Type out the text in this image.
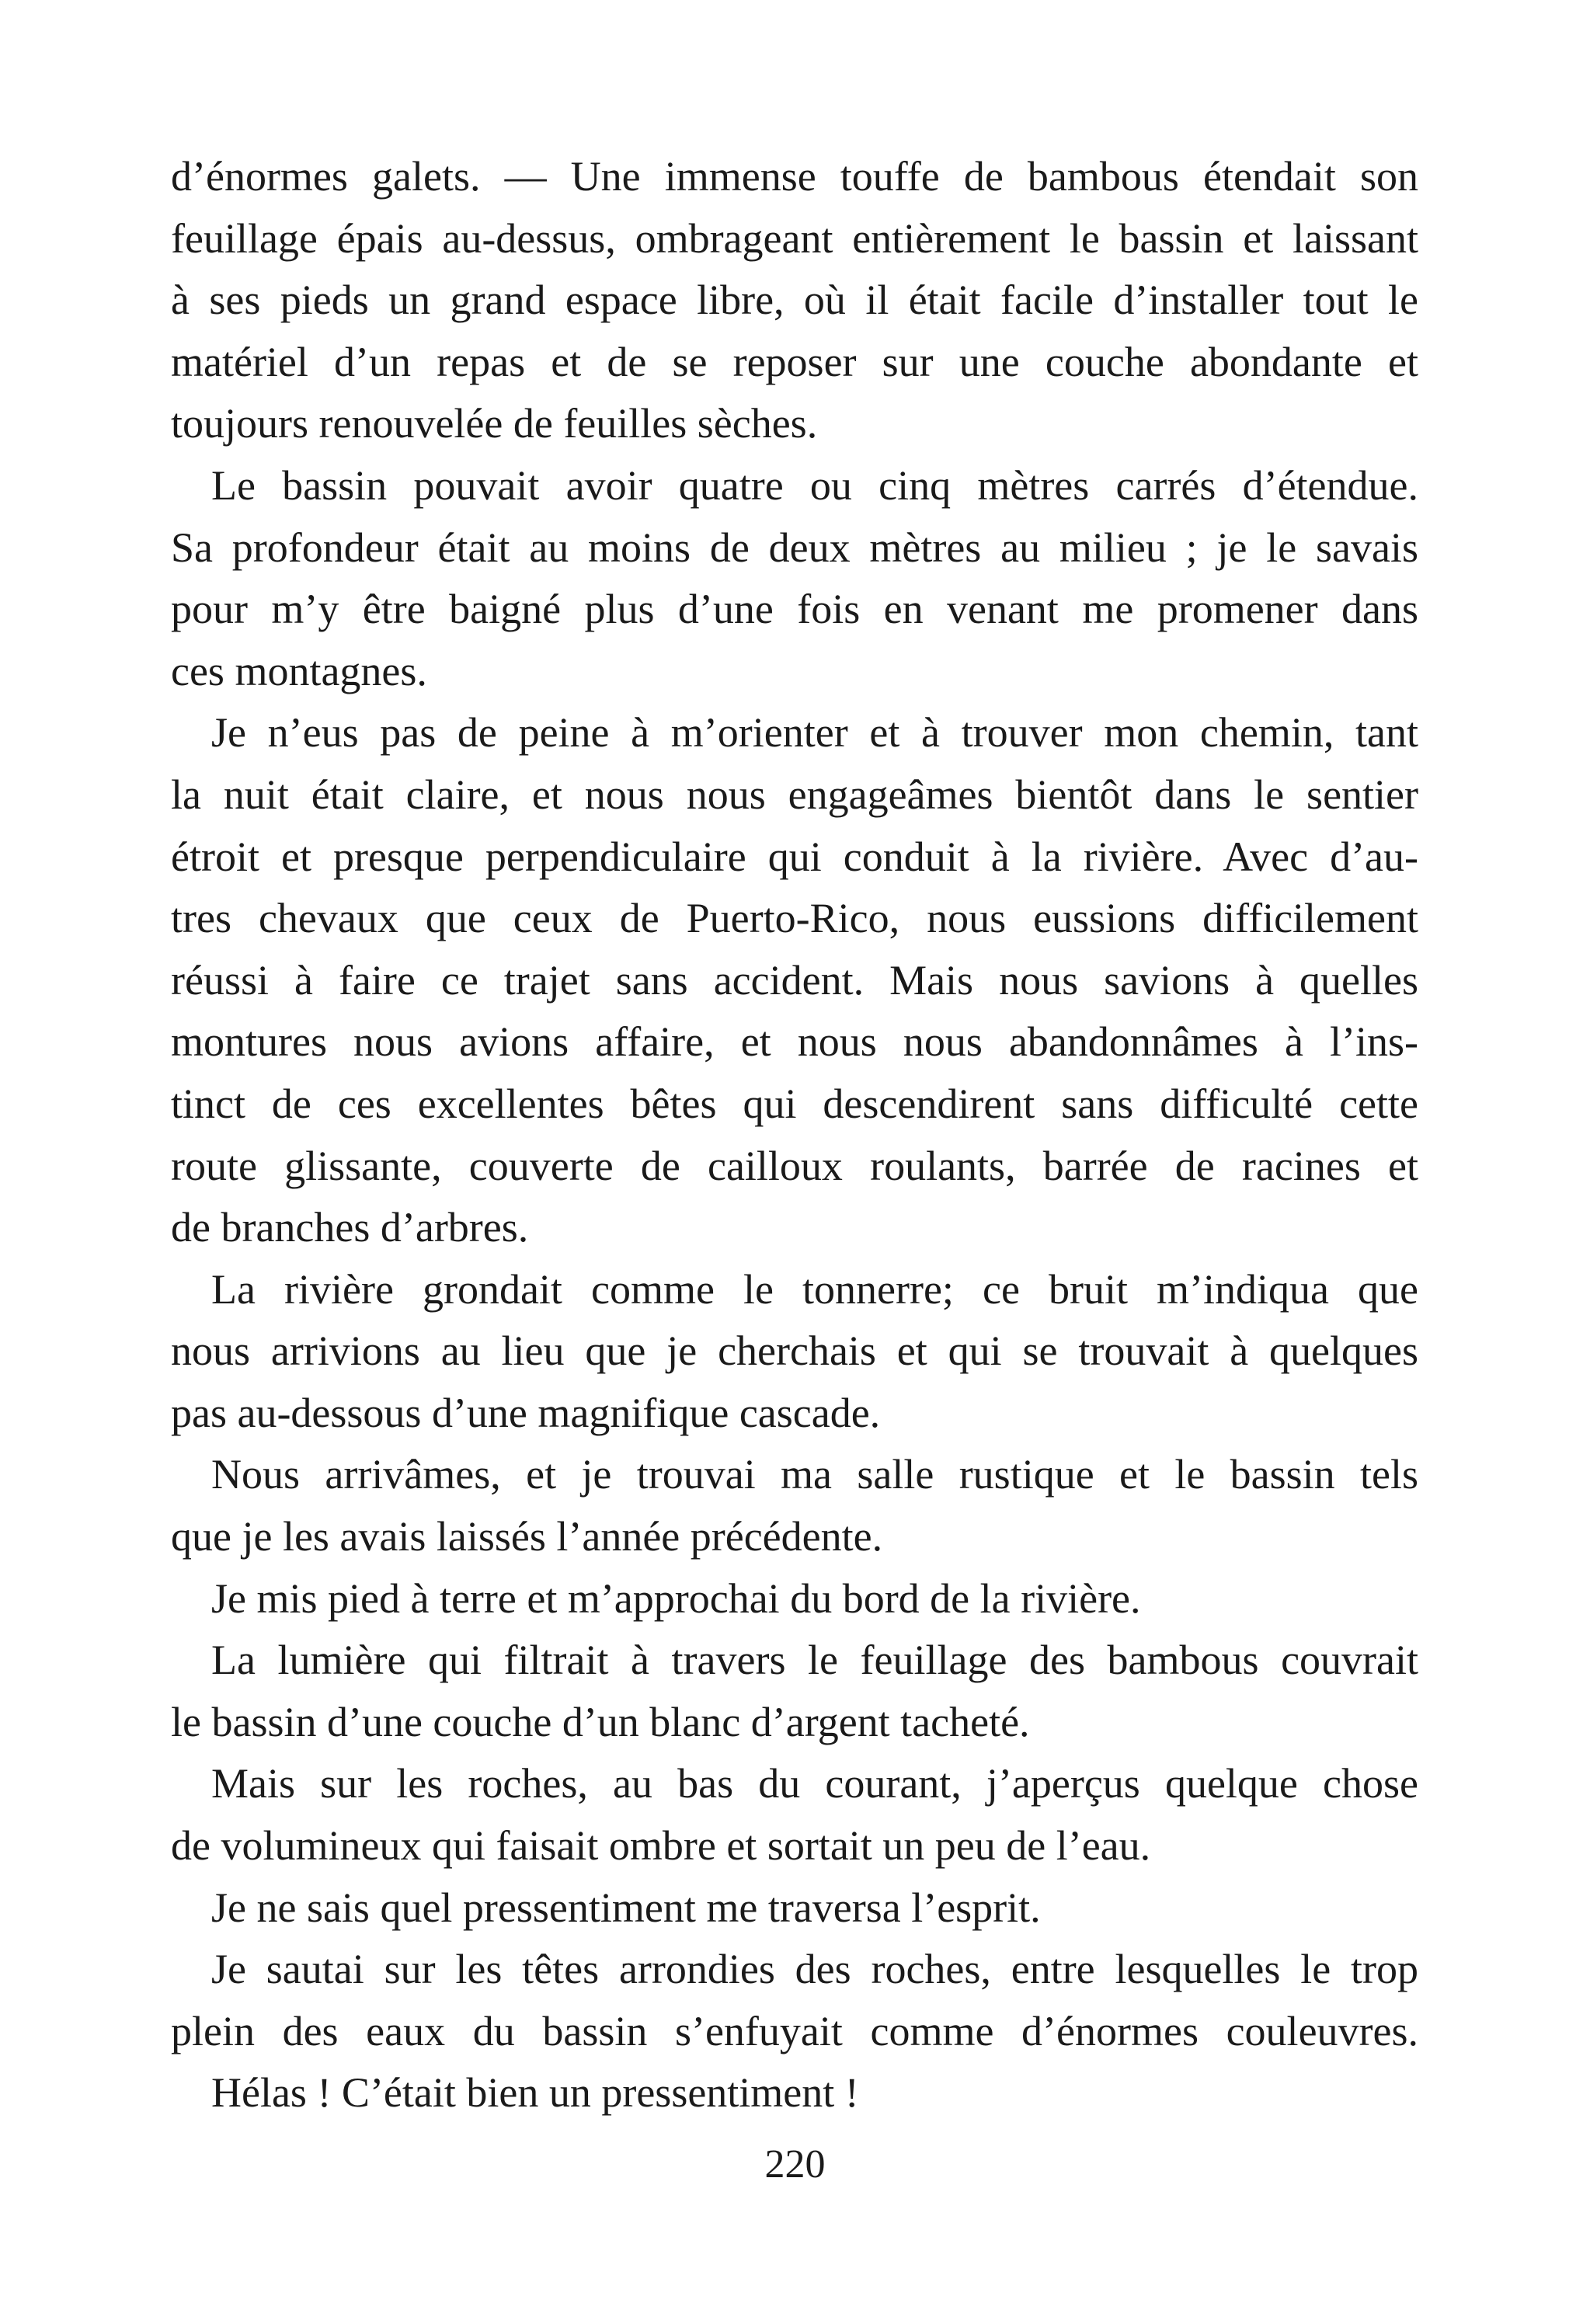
d’énormes galets. — Une immense touffe de bambous étendait son
feuillage épais au-dessus, ombrageant entièrement le bassin et laissant
à ses pieds un grand espace libre, où il était facile d’installer tout le
matériel d’un repas et de se reposer sur une couche abondante et
toujours renouvelée de feuilles sèches.
Le bassin pouvait avoir quatre ou cinq mètres carrés d’étendue.
Sa profondeur était au moins de deux mètres au milieu ; je le savais
pour m’y être baigné plus d’une fois en venant me promener dans
ces montagnes.
Je n’eus pas de peine à m’orienter et à trouver mon chemin, tant
la nuit était claire, et nous nous engageâmes bientôt dans le sentier
étroit et presque perpendiculaire qui conduit à la rivière. Avec d’au-
tres chevaux que ceux de Puerto-Rico, nous eussions difficilement
réussi à faire ce trajet sans accident. Mais nous savions à quelles
montures nous avions affaire, et nous nous abandonnâmes à l’ins-
tinct de ces excellentes bêtes qui descendirent sans difficulté cette
route glissante, couverte de cailloux roulants, barrée de racines et
de branches d’arbres.
La rivière grondait comme le tonnerre; ce bruit m’indiqua que
nous arrivions au lieu que je cherchais et qui se trouvait à quelques
pas au-dessous d’une magnifique cascade.
Nous arrivâmes, et je trouvai ma salle rustique et le bassin tels
que je les avais laissés l’année précédente.
Je mis pied à terre et m’approchai du bord de la rivière.
La lumière qui filtrait à travers le feuillage des bambous couvrait
le bassin d’une couche d’un blanc d’argent tacheté.
Mais sur les roches, au bas du courant, j’aperçus quelque chose
de volumineux qui faisait ombre et sortait un peu de l’eau.
Je ne sais quel pressentiment me traversa l’esprit.
Je sautai sur les têtes arrondies des roches, entre lesquelles le trop
plein des eaux du bassin s’enfuyait comme d’énormes couleuvres.
Hélas ! C’était bien un pressentiment !
220
